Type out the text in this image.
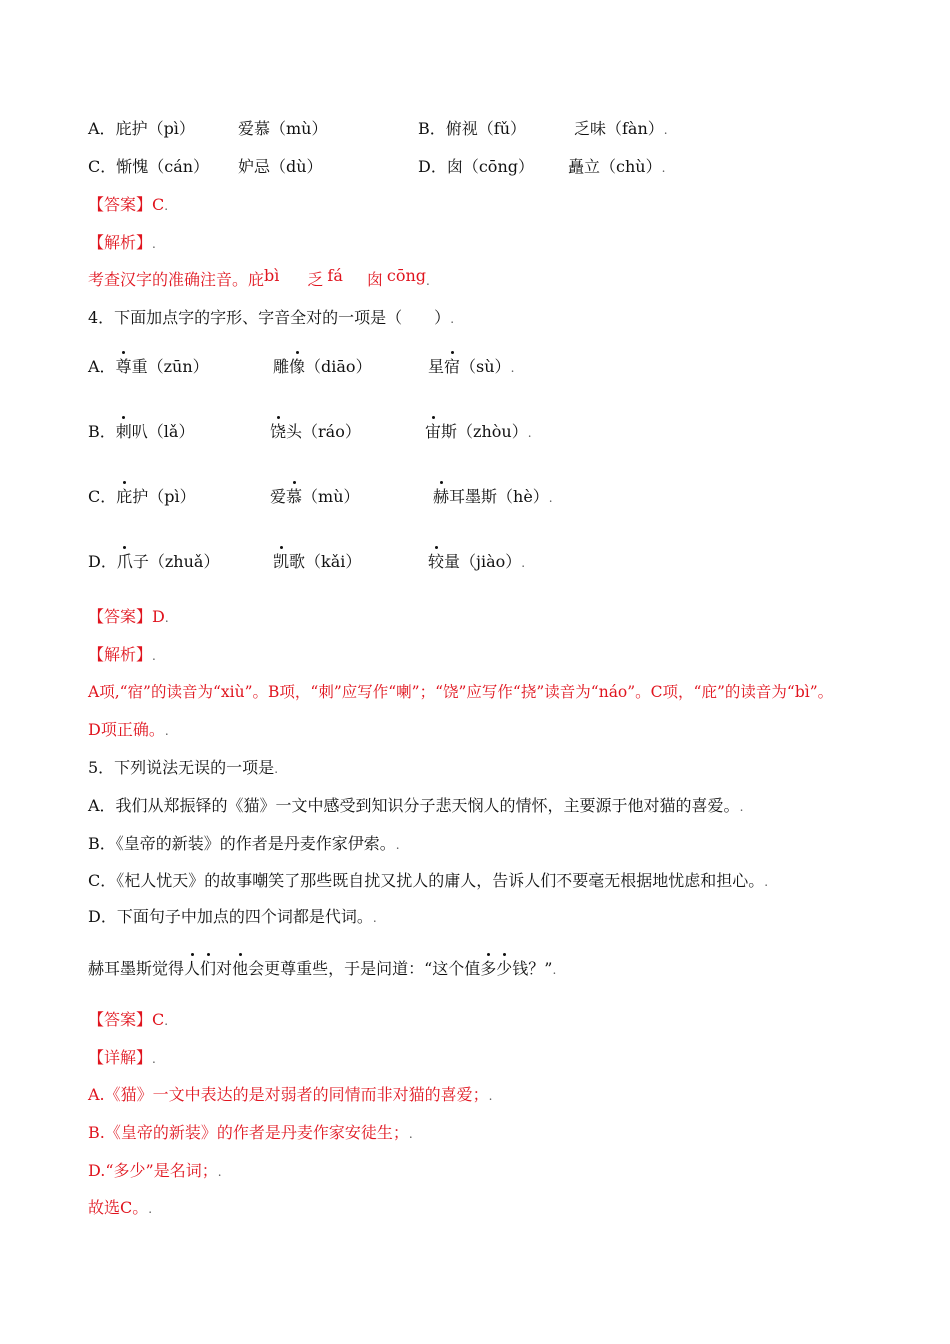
A．庇护（pì）	爱慕（mù）	B．俯视（fǔ）	乏味（fàn）.
C．惭愧（cán） 妒忌（dù）	D．囱（cōng） 矗立（chù）.
【答案】C.
【解析】.
考查汉字的准确注音。庇bì 乏 fá 囱 cōng.
4．下面加点字的字形、字音全对的一项是（　　）.
A．尊重（zūn）	雕像（diāo）	星宿（sù）.
B．刺叭（lǎ）	饶头（ráo）	宙斯（zhòu）.
C．庇护（pì）	爱慕（mù）	赫耳墨斯（hè）.
D．爪子（zhuǎ）	凯歌（kǎi）	较量（jiào）.
【答案】D.
【解析】.
A项,“宿”的读音为“xiù”。B项，“刺”应写作“喇”；“饶”应写作“挠”读音为“náo”。C项，“庇”的读音为“bì”。
D项正确。.
5．下列说法无误的一项是.
A．我们从郑振铎的《猫》一文中感受到知识分子悲天悯人的情怀，主要源于他对猫的喜爱。.
B．《皇帝的新装》的作者是丹麦作家伊索。.
C．《杞人忧天》的故事嘲笑了那些既自扰又扰人的庸人，告诉人们不要毫无根据地忧虑和担心。.
D．下面句子中加点的四个词都是代词。.
赫耳墨斯觉得人们对他会更尊重些，于是问道：“这个值多少钱？”.
【答案】C.
【详解】.
A.《猫》一文中表达的是对弱者的同情而非对猫的喜爱；.
B.《皇帝的新装》的作者是丹麦作家安徒生；.
D.“多少”是名词；.
故选C。.
